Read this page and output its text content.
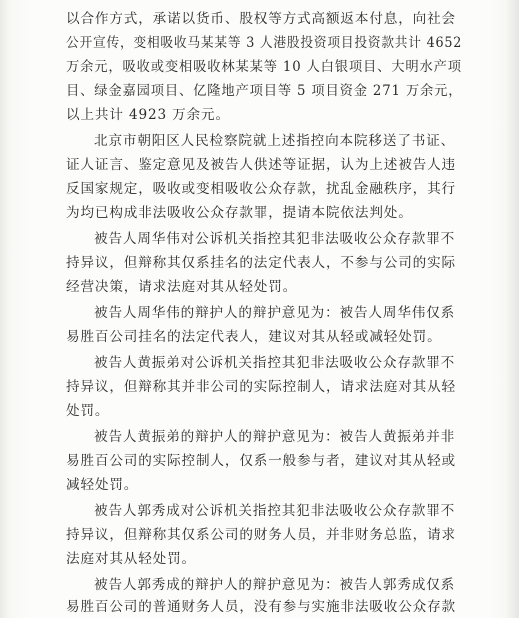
以合作方式，承诺以货币、股权等方式高额返本付息，向社会
公开宣传，变相吸收马某某等 3 人港股投资项目投资款共计 4652
万余元，吸收或变相吸收林某某等 10 人白银项目、大明水产项
目、绿金嘉园项目、亿隆地产项目等 5 项目资金 271 万余元，
以上共计 4923 万余元。
北京市朝阳区人民检察院就上述指控向本院移送了书证、
证人证言、鉴定意见及被告人供述等证据，认为上述被告人违
反国家规定，吸收或变相吸收公众存款，扰乱金融秩序，其行
为均已构成非法吸收公众存款罪，提请本院依法判处。
被告人周华伟对公诉机关指控其犯非法吸收公众存款罪不
持异议，但辩称其仅系挂名的法定代表人，不参与公司的实际
经营决策，请求法庭对其从轻处罚。
被告人周华伟的辩护人的辩护意见为：被告人周华伟仅系
易胜百公司挂名的法定代表人，建议对其从轻或减轻处罚。
被告人黄振弟对公诉机关指控其犯非法吸收公众存款罪不
持异议，但辩称其并非公司的实际控制人，请求法庭对其从轻
处罚。
被告人黄振弟的辩护人的辩护意见为：被告人黄振弟并非
易胜百公司的实际控制人，仅系一般参与者，建议对其从轻或
减轻处罚。
被告人郭秀成对公诉机关指控其犯非法吸收公众存款罪不
持异议，但辩称其仅系公司的财务人员，并非财务总监，请求
法庭对其从轻处罚。
被告人郭秀成的辩护人的辩护意见为：被告人郭秀成仅系
易胜百公司的普通财务人员，没有参与实施非法吸收公众存款
